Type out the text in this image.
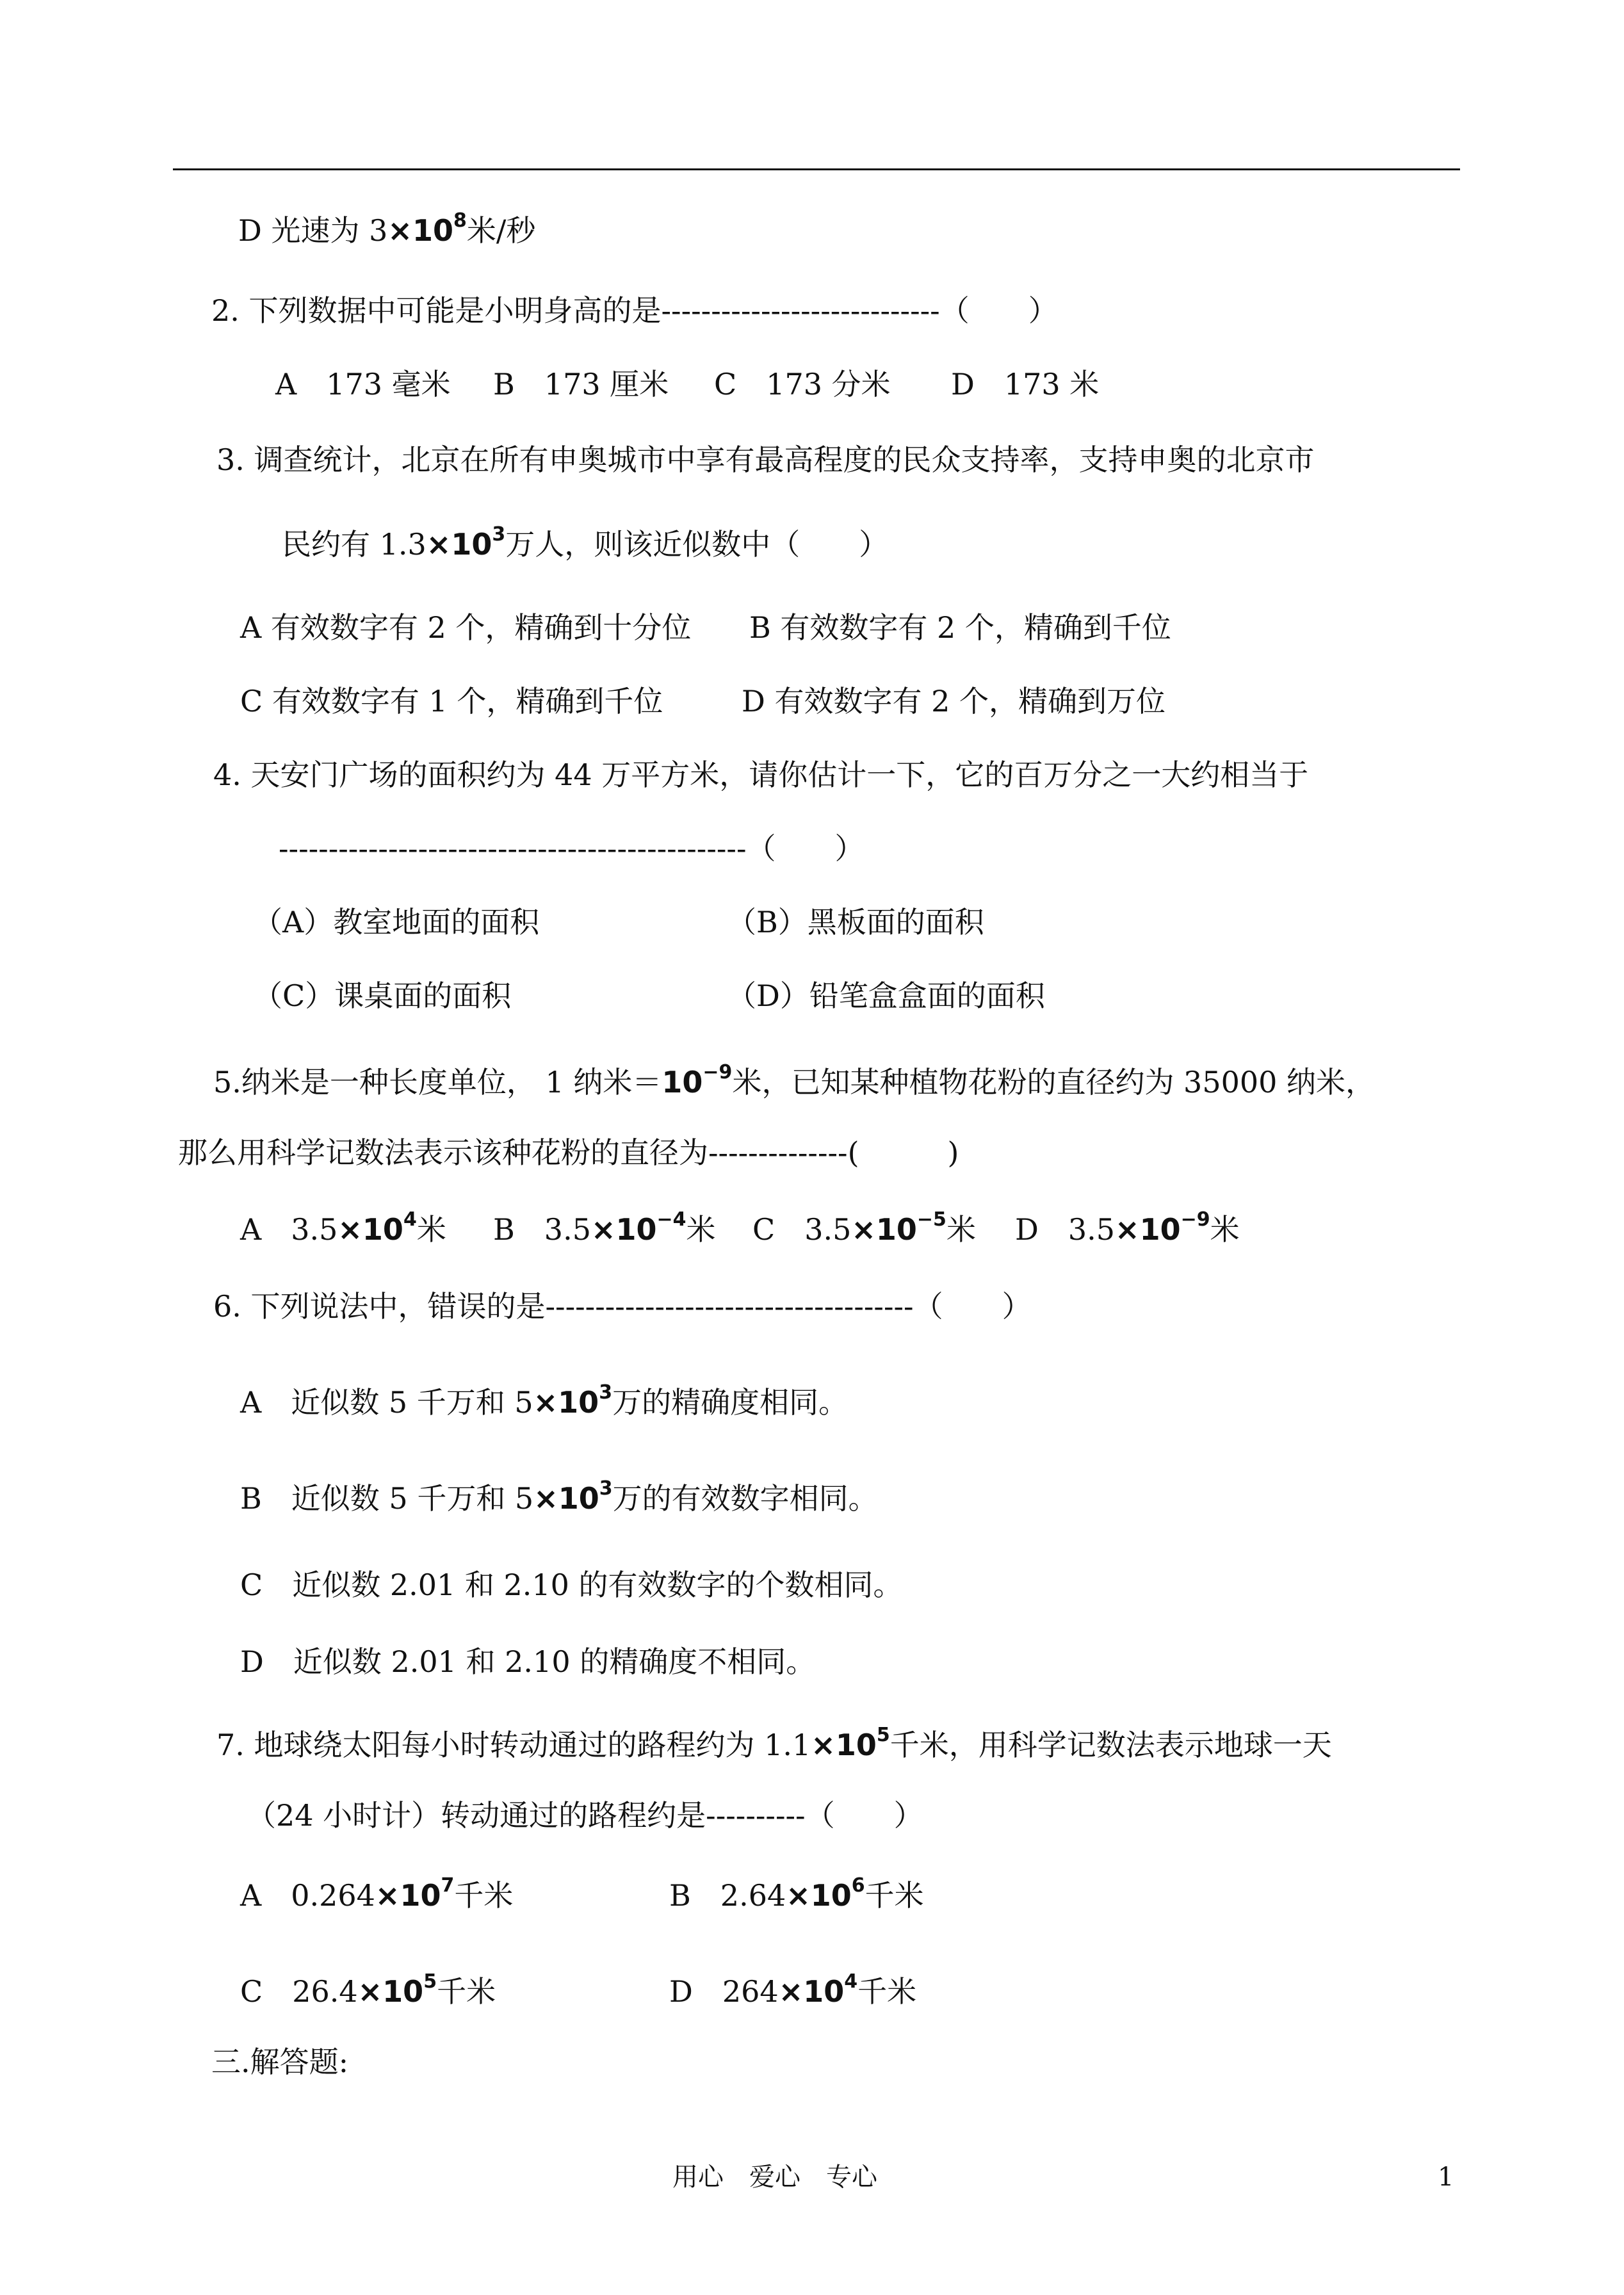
D 光速为 $3\times 10^8$米/秒
2. 下列数据中可能是小明身高的是----------------------------（　　）
A　173 毫米 B　173 厘米 C　173 分米 D　173 米
3. 调查统计，北京在所有申奥城市中享有最高程度的民众支持率，支持申奥的北京市
民约有 $1.3\times 10^3$万人，则该近似数中（　　）
A 有效数字有 2 个，精确到十分位 B 有效数字有 2 个，精确到千位
C 有效数字有 1 个，精确到千位	D 有效数字有 2 个，精确到万位
4. 天安门广场的面积约为 44 万平方米，请你估计一下，它的百万分之一大约相当于
-----------------------------------------------（　　）
（A）教室地面的面积	（B）黑板面的面积
（C）课桌面的面积	（D）铅笔盒盒面的面积
5.纳米是一种长度单位， 1 纳米$=10^{-9}$米，已知某种植物花粉的直径约为 35000 纳米，
那么用科学记数法表示该种花粉的直径为--------------(　　　)
A　$3.5\times 10^4$米 B　$3.5\times 10^{-4}$米 C　$3.5\times 10^{-5}$米 D　$3.5\times 10^{-9}$米
6. 下列说法中，错误的是-------------------------------------（　　）
A　近似数 5 千万和 $5\times 10^3$万的精确度相同。
B　近似数 5 千万和 $5\times 10^3$万的有效数字相同。
C　近似数 2.01 和 2.10 的有效数字的个数相同。
D　近似数 2.01 和 2.10 的精确度不相同。
7. 地球绕太阳每小时转动通过的路程约为 $1.1\times 10^5$千米，用科学记数法表示地球一天
（24 小时计）转动通过的路程约是----------（　　）
A　$0.264\times 10^7$千米	B　$2.64\times 10^6$千米
C　$26.4\times 10^5$千米	D　$264\times 10^4$千米
三.解答题:
用心　爱心　专心	1
